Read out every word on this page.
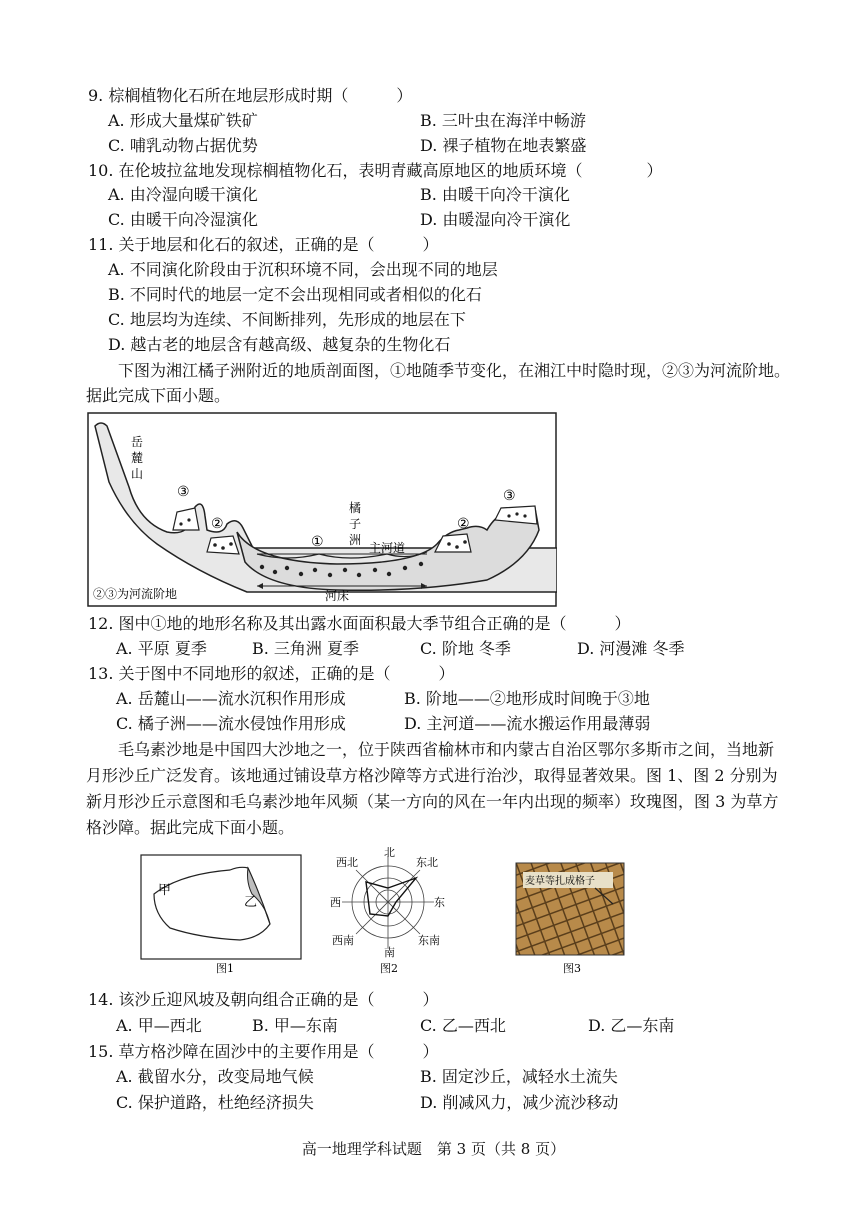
9. 棕榈植物化石所在地层形成时期（　　　）
A. 形成大量煤矿铁矿	B. 三叶虫在海洋中畅游
C. 哺乳动物占据优势	D. 裸子植物在地表繁盛
10. 在伦坡拉盆地发现棕榈植物化石，表明青藏高原地区的地质环境（　　　　）
A. 由冷湿向暖干演化	B. 由暖干向冷干演化
C. 由暖干向冷湿演化	D. 由暖湿向冷干演化
11. 关于地层和化石的叙述，正确的是（　　　）
A. 不同演化阶段由于沉积环境不同，会出现不同的地层
B. 不同时代的地层一定不会出现相同或者相似的化石
C. 地层均为连续、不间断排列，先形成的地层在下
D. 越古老的地层含有越高级、越复杂的生物化石
下图为湘江橘子洲附近的地质剖面图，①地随季节变化，在湘江中时隐时现，②③为河流阶地。
据此完成下面小题。
岳
麓
山
橘
子
洲
主河道
河床
②③为河流阶地
③	③
②	②
①
12. 图中①地的地形名称及其出露水面面积最大季节组合正确的是（　　　）
A. 平原 夏季	B. 三角洲 夏季	C. 阶地 冬季	D. 河漫滩 冬季
13. 关于图中不同地形的叙述，正确的是（　　　）
A. 岳麓山——流水沉积作用形成	B. 阶地——②地形成时间晚于③地
C. 橘子洲——流水侵蚀作用形成	D. 主河道——流水搬运作用最薄弱
毛乌素沙地是中国四大沙地之一，位于陕西省榆林市和内蒙古自治区鄂尔多斯市之间，当地新
月形沙丘广泛发育。该地通过铺设草方格沙障等方式进行治沙，取得显著效果。图 1、图 2 分别为
新月形沙丘示意图和毛乌素沙地年风频（某一方向的风在一年内出现的频率）玫瑰图，图 3 为草方
格沙障。据此完成下面小题。
甲
乙
图1
北
东北
东
东南
南
西南
西
西北
图2
麦草等扎成格子
图3
14. 该沙丘迎风坡及朝向组合正确的是（　　　）
A. 甲—西北	B. 甲—东南	C. 乙—西北	D. 乙—东南
15. 草方格沙障在固沙中的主要作用是（　　　）
A. 截留水分，改变局地气候	B. 固定沙丘，减轻水土流失
C. 保护道路，杜绝经济损失	D. 削减风力，减少流沙移动
高一地理学科试题　第 3 页（共 8 页）
